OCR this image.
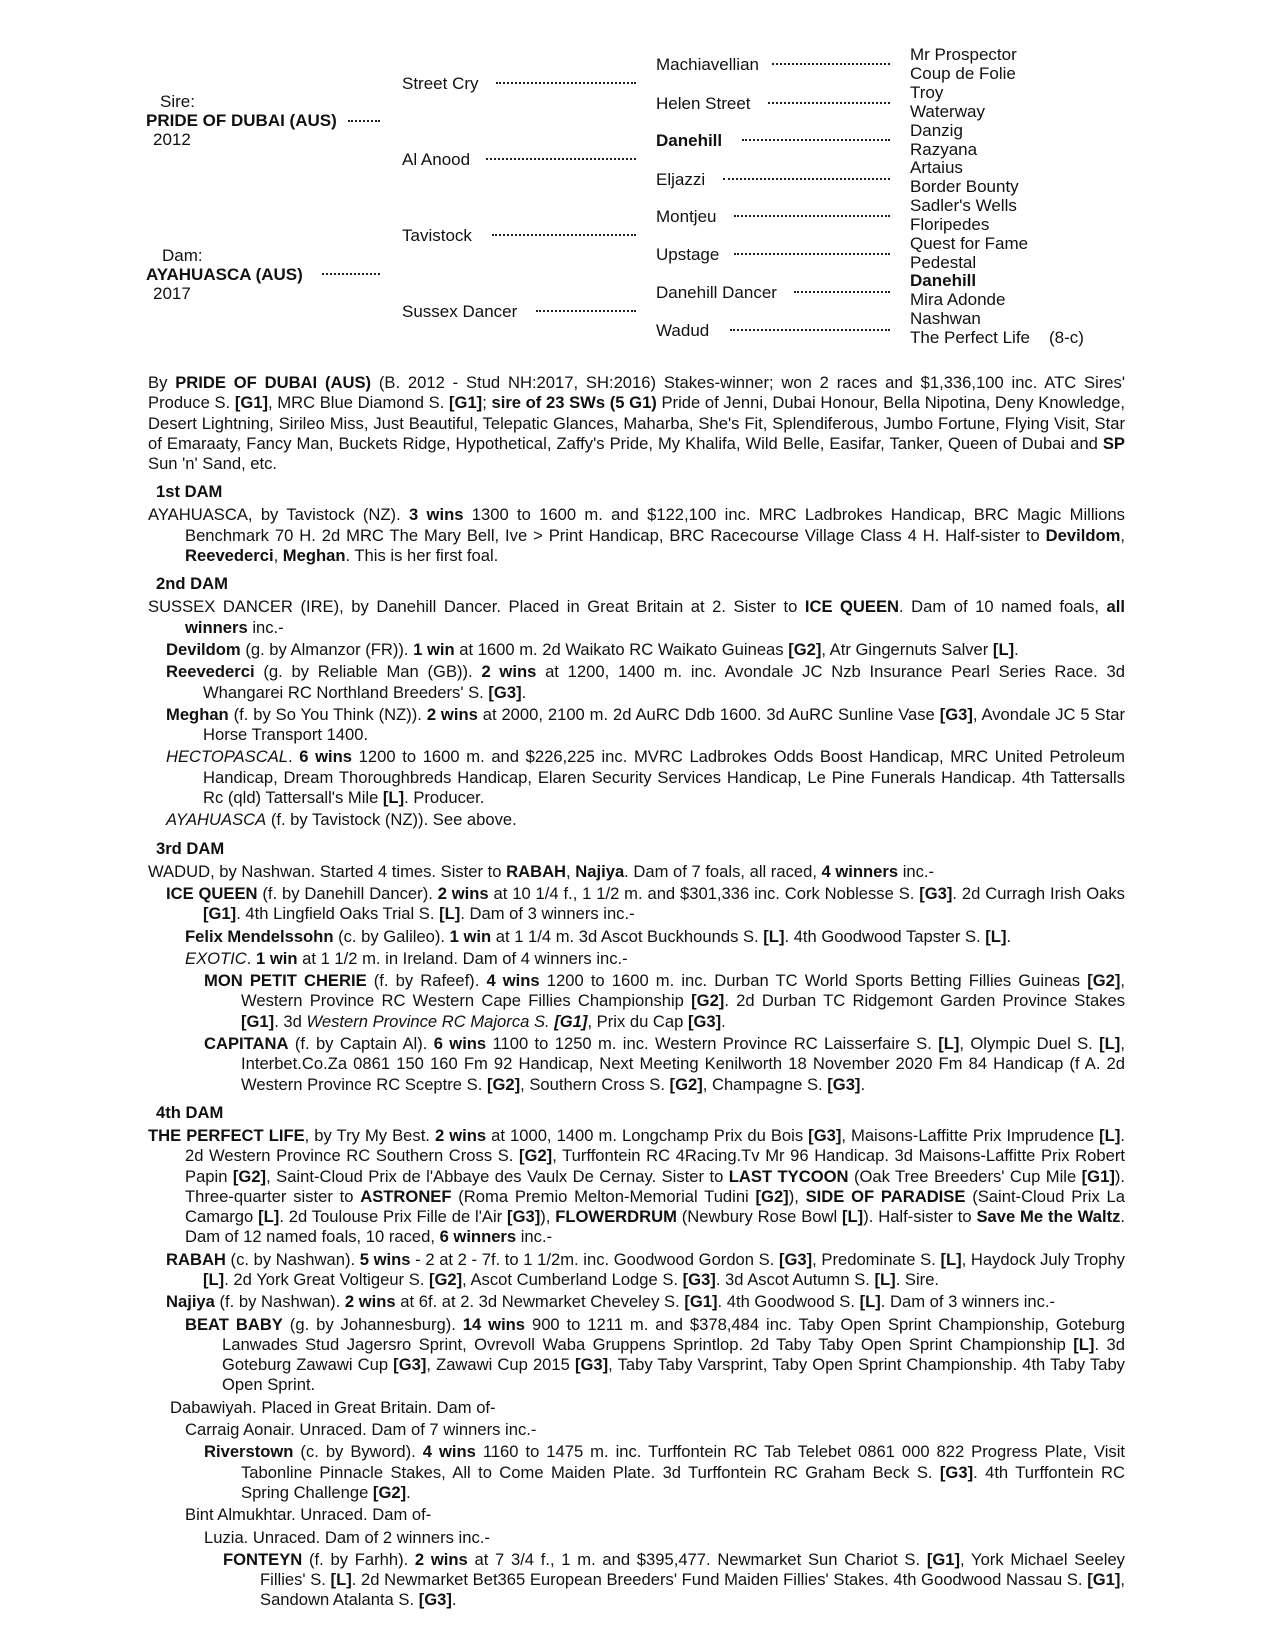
Sire:
PRIDE OF DUBAI (AUS)
2012
Dam:
AYAHUASCA (AUS)
2017
Street Cry
Al Anood
Tavistock
Sussex Dancer
Machiavellian
Helen Street
Danehill
Eljazzi
Montjeu
Upstage
Danehill Dancer
Wadud
Mr Prospector
Coup de Folie
Troy
Waterway
Danzig
Razyana
Artaius
Border Bounty
Sadler's Wells
Floripedes
Quest for Fame
Pedestal
Danehill
Mira Adonde
Nashwan
The Perfect Life (8-c)
By PRIDE OF DUBAI (AUS) (B. 2012 - Stud NH:2017, SH:2016) Stakes-winner; won 2 races and $1,336,100 inc. ATC Sires' Produce S. [G1], MRC Blue Diamond S. [G1]; sire of 23 SWs (5 G1) Pride of Jenni, Dubai Honour, Bella Nipotina, Deny Knowledge, Desert Lightning, Sirileo Miss, Just Beautiful, Telepatic Glances, Maharba, She's Fit, Splendiferous, Jumbo Fortune, Flying Visit, Star of Emaraaty, Fancy Man, Buckets Ridge, Hypothetical, Zaffy's Pride, My Khalifa, Wild Belle, Easifar, Tanker, Queen of Dubai and SP Sun 'n' Sand, etc.
1st DAM
AYAHUASCA, by Tavistock (NZ). 3 wins 1300 to 1600 m. and $122,100 inc. MRC Ladbrokes Handicap, BRC Magic Millions Benchmark 70 H. 2d MRC The Mary Bell, Ive > Print Handicap, BRC Racecourse Village Class 4 H. Half-sister to Devildom, Reevederci, Meghan. This is her first foal.
2nd DAM
SUSSEX DANCER (IRE), by Danehill Dancer. Placed in Great Britain at 2. Sister to ICE QUEEN. Dam of 10 named foals, all winners inc.-
Devildom (g. by Almanzor (FR)). 1 win at 1600 m. 2d Waikato RC Waikato Guineas [G2], Atr Gingernuts Salver [L].
Reevederci (g. by Reliable Man (GB)). 2 wins at 1200, 1400 m. inc. Avondale JC Nzb Insurance Pearl Series Race. 3d Whangarei RC Northland Breeders' S. [G3].
Meghan (f. by So You Think (NZ)). 2 wins at 2000, 2100 m. 2d AuRC Ddb 1600. 3d AuRC Sunline Vase [G3], Avondale JC 5 Star Horse Transport 1400.
HECTOPASCAL. 6 wins 1200 to 1600 m. and $226,225 inc. MVRC Ladbrokes Odds Boost Handicap, MRC United Petroleum Handicap, Dream Thoroughbreds Handicap, Elaren Security Services Handicap, Le Pine Funerals Handicap. 4th Tattersalls Rc (qld) Tattersall's Mile [L]. Producer.
AYAHUASCA (f. by Tavistock (NZ)). See above.
3rd DAM
WADUD, by Nashwan. Started 4 times. Sister to RABAH, Najiya. Dam of 7 foals, all raced, 4 winners inc.-
ICE QUEEN (f. by Danehill Dancer). 2 wins at 10 1/4 f., 1 1/2 m. and $301,336 inc. Cork Noblesse S. [G3]. 2d Curragh Irish Oaks [G1]. 4th Lingfield Oaks Trial S. [L]. Dam of 3 winners inc.-
Felix Mendelssohn (c. by Galileo). 1 win at 1 1/4 m. 3d Ascot Buckhounds S. [L]. 4th Goodwood Tapster S. [L].
EXOTIC. 1 win at 1 1/2 m. in Ireland. Dam of 4 winners inc.-
MON PETIT CHERIE (f. by Rafeef). 4 wins 1200 to 1600 m. inc. Durban TC World Sports Betting Fillies Guineas [G2], Western Province RC Western Cape Fillies Championship [G2]. 2d Durban TC Ridgemont Garden Province Stakes [G1]. 3d Western Province RC Majorca S. [G1], Prix du Cap [G3].
CAPITANA (f. by Captain Al). 6 wins 1100 to 1250 m. inc. Western Province RC Laisserfaire S. [L], Olympic Duel S. [L], Interbet.Co.Za 0861 150 160 Fm 92 Handicap, Next Meeting Kenilworth 18 November 2020 Fm 84 Handicap (f A. 2d Western Province RC Sceptre S. [G2], Southern Cross S. [G2], Champagne S. [G3].
4th DAM
THE PERFECT LIFE, by Try My Best. 2 wins at 1000, 1400 m. Longchamp Prix du Bois [G3], Maisons-Laffitte Prix Imprudence [L]. 2d Western Province RC Southern Cross S. [G2], Turffontein RC 4Racing.Tv Mr 96 Handicap. 3d Maisons-Laffitte Prix Robert Papin [G2], Saint-Cloud Prix de l'Abbaye des Vaulx De Cernay. Sister to LAST TYCOON (Oak Tree Breeders' Cup Mile [G1]). Three-quarter sister to ASTRONEF (Roma Premio Melton-Memorial Tudini [G2]), SIDE OF PARADISE (Saint-Cloud Prix La Camargo [L]. 2d Toulouse Prix Fille de l'Air [G3]), FLOWERDRUM (Newbury Rose Bowl [L]). Half-sister to Save Me the Waltz. Dam of 12 named foals, 10 raced, 6 winners inc.-
RABAH (c. by Nashwan). 5 wins - 2 at 2 - 7f. to 1 1/2m. inc. Goodwood Gordon S. [G3], Predominate S. [L], Haydock July Trophy [L]. 2d York Great Voltigeur S. [G2], Ascot Cumberland Lodge S. [G3]. 3d Ascot Autumn S. [L]. Sire.
Najiya (f. by Nashwan). 2 wins at 6f. at 2. 3d Newmarket Cheveley S. [G1]. 4th Goodwood S. [L]. Dam of 3 winners inc.-
BEAT BABY (g. by Johannesburg). 14 wins 900 to 1211 m. and $378,484 inc. Taby Open Sprint Championship, Goteburg Lanwades Stud Jagersro Sprint, Ovrevoll Waba Gruppens Sprintlop. 2d Taby Taby Open Sprint Championship [L]. 3d Goteburg Zawawi Cup [G3], Zawawi Cup 2015 [G3], Taby Taby Varsprint, Taby Open Sprint Championship. 4th Taby Taby Open Sprint.
Dabawiyah. Placed in Great Britain. Dam of-
Carraig Aonair. Unraced. Dam of 7 winners inc.-
Riverstown (c. by Byword). 4 wins 1160 to 1475 m. inc. Turffontein RC Tab Telebet 0861 000 822 Progress Plate, Visit Tabonline Pinnacle Stakes, All to Come Maiden Plate. 3d Turffontein RC Graham Beck S. [G3]. 4th Turffontein RC Spring Challenge [G2].
Bint Almukhtar. Unraced. Dam of-
Luzia. Unraced. Dam of 2 winners inc.-
FONTEYN (f. by Farhh). 2 wins at 7 3/4 f., 1 m. and $395,477. Newmarket Sun Chariot S. [G1], York Michael Seeley Fillies' S. [L]. 2d Newmarket Bet365 European Breeders' Fund Maiden Fillies' Stakes. 4th Goodwood Nassau S. [G1], Sandown Atalanta S. [G3].
